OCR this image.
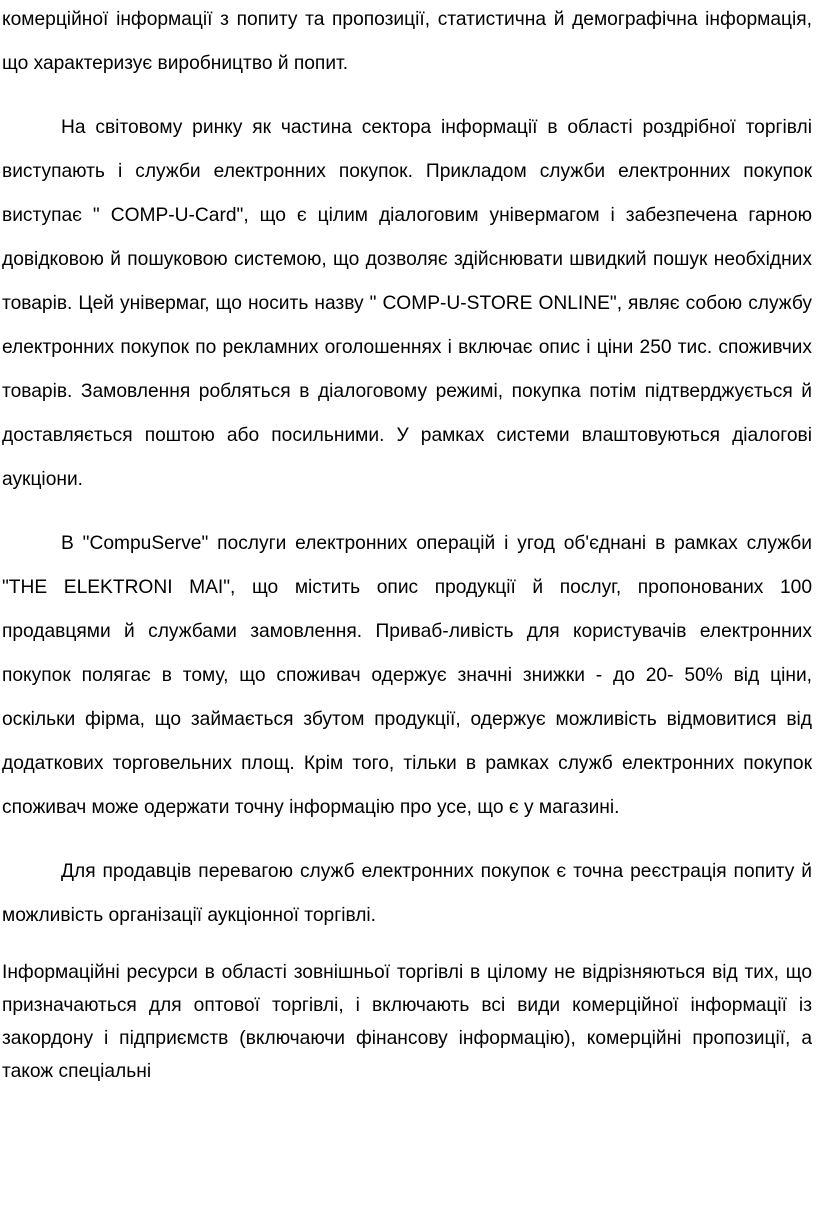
комерційної інформації з попиту та пропозиції, статистична й демографічна інформація, що характеризує виробництво й попит.

На світовому ринку як частина сектора інформації в області роздрібної торгівлі виступають і служби електронних покупок. Прикладом служби електронних покупок виступає " COMP-U-Card", що є цілим діалоговим універмагом і забезпечена гарною довідковою й пошуковою системою, що дозволяє здійснювати швидкий пошук необхідних товарів. Цей універмаг, що носить назву " COMP-U-STORE ONLINE", являє собою службу електронних покупок по рекламних оголошеннях і включає опис і ціни 250 тис. споживчих товарів. Замовлення робляться в діалоговому режимі, покупка потім підтверджується й доставляється поштою або посильними. У рамках системи влаштовуються діалогові аукціони.

В "CompuServe" послуги електронних операцій і угод об'єднані в рамках служби "THE ELEKTRONI MAI", що містить опис продукції й послуг, пропонованих 100 продавцями й службами замовлення. Приваб-ливість для користувачів електронних покупок полягає в тому, що споживач одержує значні знижки - до 20- 50% від ціни, оскільки фірма, що займається збутом продукції, одержує можливість відмовитися від додаткових торговельних площ. Крім того, тільки в рамках служб електронних покупок споживач може одержати точну інформацію про усе, що є у магазині.

Для продавців перевагою служб електронних покупок є точна реєстрація попиту й можливість організації аукціонної торгівлі.

Інформаційні ресурси в області зовнішньої торгівлі в цілому не відрізняються від тих, що призначаються для оптової торгівлі, і включають всі види комерційної інформації із закордону і підприємств (включаючи фінансову інформацію), комерційні пропозиції, а також спеціальні
